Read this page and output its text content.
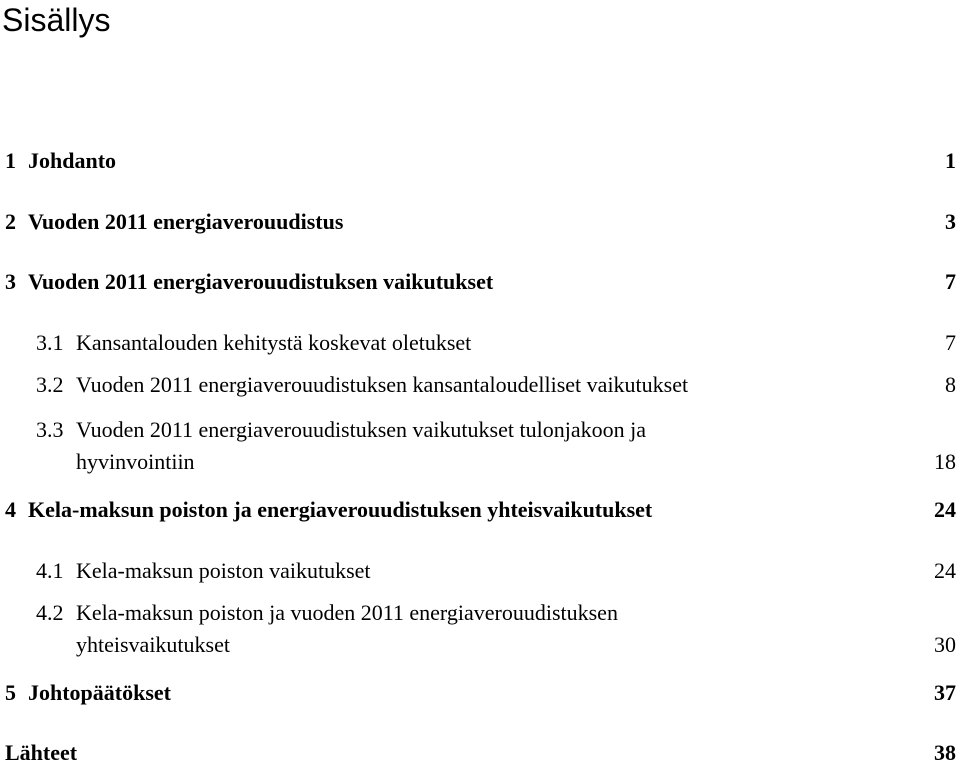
Sisällys
1 Johdanto	1
2 Vuoden 2011 energiaverouudistus	3
3 Vuoden 2011 energiaverouudistuksen vaikutukset	7
3.1 Kansantalouden kehitystä koskevat oletukset	7
3.2 Vuoden 2011 energiaverouudistuksen kansantaloudelliset vaikutukset	8
3.3 Vuoden 2011 energiaverouudistuksen vaikutukset tulonjakoon ja
hyvinvointiin	18
4 Kela-maksun poiston ja energiaverouudistuksen yhteisvaikutukset	24
4.1 Kela-maksun poiston vaikutukset	24
4.2 Kela-maksun poiston ja vuoden 2011 energiaverouudistuksen
yhteisvaikutukset	30
5 Johtopäätökset	37
Lähteet	38
